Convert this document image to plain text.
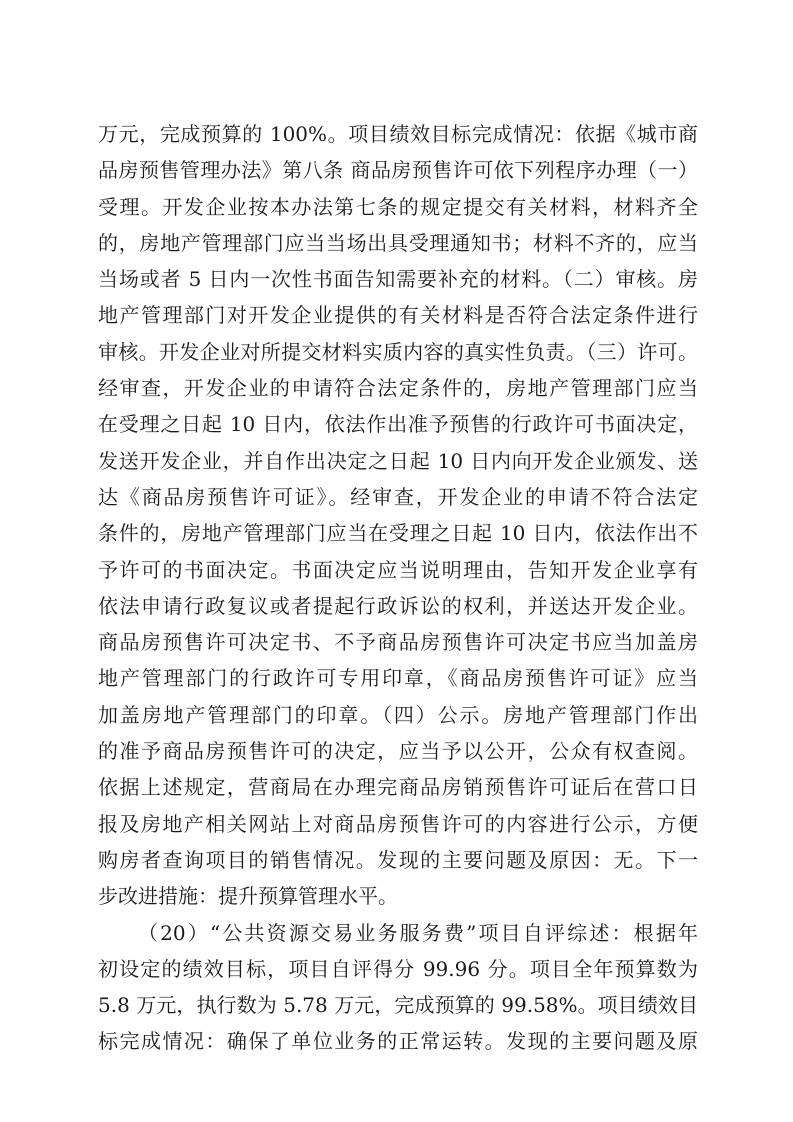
万元，完成预算的 100%。项目绩效目标完成情况：依据《城市商
品房预售管理办法》第八条 商品房预售许可依下列程序办理（一）
受理。开发企业按本办法第七条的规定提交有关材料，材料齐全
的，房地产管理部门应当当场出具受理通知书；材料不齐的，应当
当场或者 5 日内一次性书面告知需要补充的材料。（二）审核。房
地产管理部门对开发企业提供的有关材料是否符合法定条件进行
审核。开发企业对所提交材料实质内容的真实性负责。（三）许可。
经审查，开发企业的申请符合法定条件的，房地产管理部门应当
在受理之日起 10 日内，依法作出准予预售的行政许可书面决定，
发送开发企业，并自作出决定之日起 10 日内向开发企业颁发、送
达《商品房预售许可证》。经审查，开发企业的申请不符合法定
条件的，房地产管理部门应当在受理之日起 10 日内，依法作出不
予许可的书面决定。书面决定应当说明理由，告知开发企业享有
依法申请行政复议或者提起行政诉讼的权利，并送达开发企业。
商品房预售许可决定书、不予商品房预售许可决定书应当加盖房
地产管理部门的行政许可专用印章，《商品房预售许可证》应当
加盖房地产管理部门的印章。（四）公示。房地产管理部门作出
的准予商品房预售许可的决定，应当予以公开，公众有权查阅。
依据上述规定，营商局在办理完商品房销预售许可证后在营口日
报及房地产相关网站上对商品房预售许可的内容进行公示，方便
购房者查询项目的销售情况。发现的主要问题及原因：无。下一
步改进措施：提升预算管理水平。
（20）“公共资源交易业务服务费”项目自评综述：根据年
初设定的绩效目标，项目自评得分 99.96 分。项目全年预算数为
5.8 万元，执行数为 5.78 万元，完成预算的 99.58%。项目绩效目
标完成情况：确保了单位业务的正常运转。发现的主要问题及原
